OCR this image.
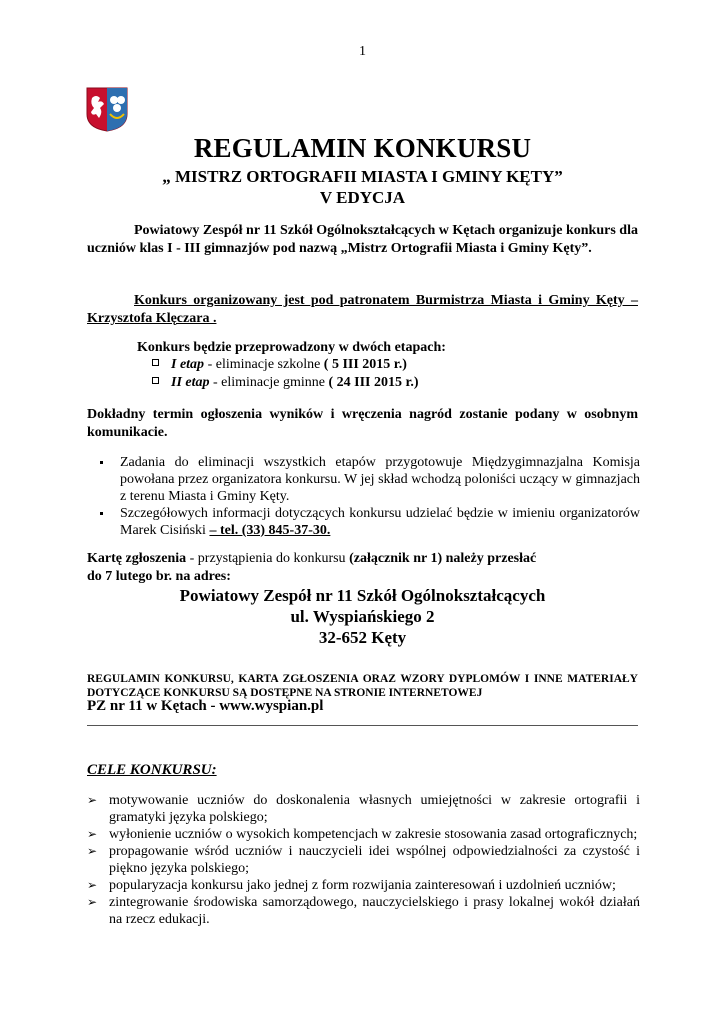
1
REGULAMIN KONKURSU
„ MISTRZ ORTOGRAFII MIASTA I GMINY KĘTY”
V EDYCJA
Powiatowy Zespół nr 11 Szkół Ogólnokształcących w Kętach organizuje konkurs dla uczniów klas I - III gimnazjów pod nazwą „Mistrz Ortografii Miasta i Gminy Kęty”.
Konkurs organizowany jest pod patronatem Burmistrza Miasta i Gminy Kęty – Krzysztofa Klęczara .
Konkurs będzie przeprowadzony w dwóch etapach:
I etap - eliminacje szkolne ( 5 III 2015 r.)
II etap - eliminacje gminne ( 24 III 2015 r.)
Dokładny termin ogłoszenia wyników i wręczenia nagród zostanie podany w osobnym komunikacie.
Zadania do eliminacji wszystkich etapów przygotowuje Międzygimnazjalna Komisja powołana przez organizatora konkursu. W jej skład wchodzą poloniści uczący w gimnazjach z terenu Miasta i Gminy Kęty.
Szczegółowych informacji dotyczących konkursu udzielać będzie w imieniu organizatorów Marek Cisiński – tel. (33) 845-37-30.
Kartę zgłoszenia - przystąpienia do konkursu (załącznik nr 1) należy przesłać
do 7 lutego br. na adres:
Powiatowy Zespół nr 11 Szkół Ogólnokształcących
ul. Wyspiańskiego 2
32-652 Kęty
REGULAMIN KONKURSU, KARTA ZGŁOSZENIA ORAZ WZORY DYPLOMÓW I INNE MATERIAŁY DOTYCZĄCE KONKURSU SĄ DOSTĘPNE NA STRONIE INTERNETOWEJ
PZ nr 11 w Kętach - www.wyspian.pl
CELE KONKURSU:
➢ motywowanie uczniów do doskonalenia własnych umiejętności w zakresie ortografii i gramatyki języka polskiego;
➢ wyłonienie uczniów o wysokich kompetencjach w zakresie stosowania zasad ortograficznych;
➢ propagowanie wśród uczniów i nauczycieli idei wspólnej odpowiedzialności za czystość i piękno języka polskiego;
➢ popularyzacja konkursu jako jednej z form rozwijania zainteresowań i uzdolnień uczniów;
➢ zintegrowanie środowiska samorządowego, nauczycielskiego i prasy lokalnej wokół działań na rzecz edukacji.
